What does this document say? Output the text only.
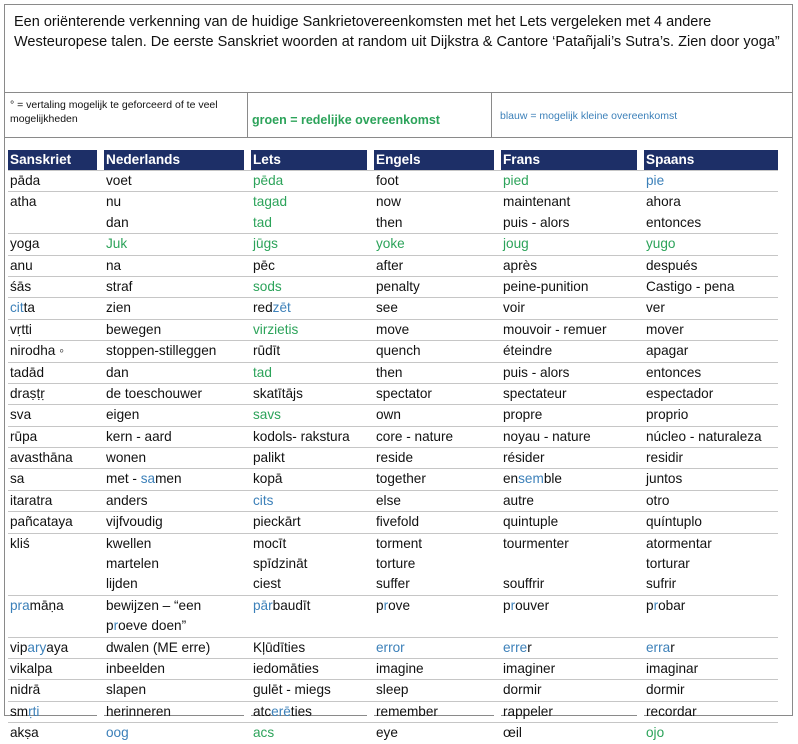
Een oriënterende verkenning van de huidige Sankrietovereenkomsten met het Lets vergeleken met 4 andere Westeuropese talen. De eerste Sanskriet woorden at random uit Dijkstra & Cantore ‘Patañjali’s Sutra’s. Zien door yoga”
° = vertaling mogelijk te geforceerd of te veel mogelijkheden	groen = redelijke overeenkomst	blauw = mogelijk kleine overeenkomst
Sanskriet		Nederlands		Lets		Engels		Frans		Spaans
pāda		voet		pēda		foot		pied		pie
atha		nu		tagad		now		maintenant		ahora
		dan		tad		then		puis - alors		entonces
yoga		Juk		jūgs		yoke		joug		yugo
anu		na		pēc		after		après		después
śās		straf		sods		penalty		peine-punition		Castigo - pena
citta		zien		redzēt		see		voir		ver
vṛtti		bewegen		virzietis		move		mouvoir - remuer		mover
nirodha ◦		stoppen-stilleggen		rūdīt		quench		éteindre		apagar
tadād		dan		tad		then		puis - alors		entonces
draṣṭṛ		de toeschouwer		skatītājs		spectator		spectateur		espectador
sva		eigen		savs		own		propre		proprio
rūpa		kern - aard		kodols- rakstura		core - nature		noyau - nature		núcleo - naturaleza
avasthāna		wonen		palikt		reside		résider		residir
sa		met - samen		kopā		together		ensemble		juntos
itaratra		anders		cits		else		autre		otro
pañcataya		vijfvoudig		pieckārt		fivefold		quintuple		quíntuplo
kliś		kwellen		mocīt		torment		tourmenter		atormentar
		martelen		spīdzināt		torture				torturar
		lijden		ciest		suffer		souffrir		sufrir
pramāṇa		bewijzen – “een		pārbaudīt		prove		prouver		probar
		proeve doen”								
viparyaya		dwalen (ME erre)		Kļūdīties		error		errer		errar
vikalpa		inbeelden		iedomāties		imagine		imaginer		imaginar
nidrā		slapen		gulēt - miegs		sleep		dormir		dormir
smṛti		herinneren		atcerēties		remember		rappeler		recordar
akṣa		oog		acs		eye		œil		ojo
